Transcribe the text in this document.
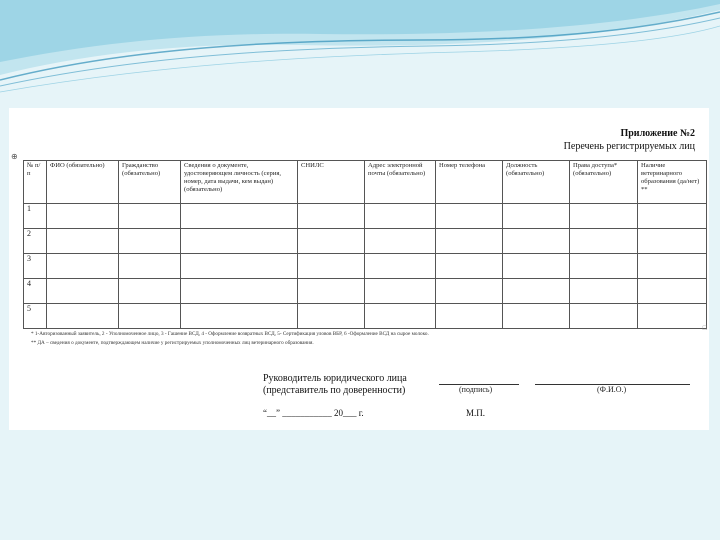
Приложение №2
Перечень регистрируемых лиц
⊕
№ п/п	ФИО (обязательно)	Гражданство (обязательно)	Сведения о документе, удостоверяющем личность (серия, номер, дата выдачи, кем выдан) (обязательно)	СНИЛС	Адрес электронной почты (обязательно)	Номер телефона	Должность (обязательно)	Права доступа* (обязательно)	Наличие ветеринарного образования (да/нет) **
1									
2									
3									
4									
5									
□
* 1-Авторизованный заявитель, 2 - Уполномоченное лицо, 3 - Гашение ВСД, 4 - Оформление возвратных ВСД, 5- Сертификация уловов ВБР, 6 -Оформление ВСД на сырое молоко.
** ДА – сведения о документе, подтверждающем наличие у регистрируемых уполномоченных лиц ветеринарного образования.
Руководитель юридического лица
(представитель по доверенности)	(подпись)	(Ф.И.О.)
“__” ___________ 20___ г.	М.П.
